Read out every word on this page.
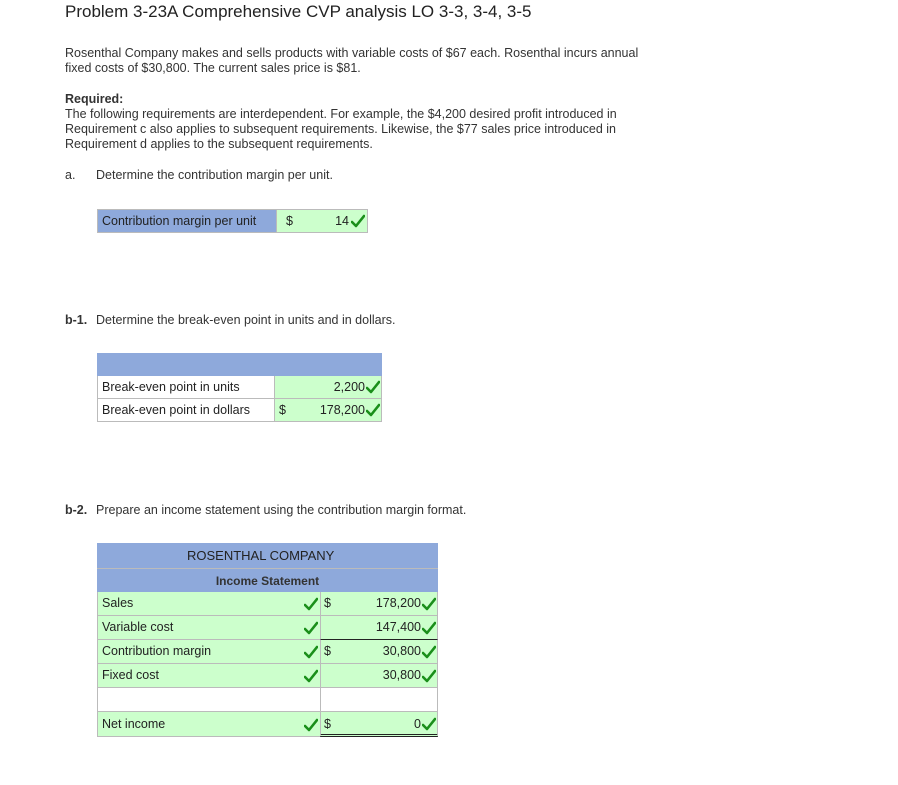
Problem 3-23A Comprehensive CVP analysis LO 3-3, 3-4, 3-5
Rosenthal Company makes and sells products with variable costs of $67 each. Rosenthal incurs annual
fixed costs of $30,800. The current sales price is $81.
Required:
The following requirements are interdependent. For example, the $4,200 desired profit introduced in
Requirement c also applies to subsequent requirements. Likewise, the $77 sales price introduced in
Requirement d applies to the subsequent requirements.
a. Determine the contribution margin per unit.
Contribution margin per unit	$	14
b-1. Determine the break-even point in units and in dollars.
Break-even point in units	2,200
Break-even point in dollars	$	178,200
b-2. Prepare an income statement using the contribution margin format.
ROSENTHAL COMPANY
Income Statement
Sales	$	178,200
Variable cost	147,400
Contribution margin	$	30,800
Fixed cost	30,800
Net income	$	0
